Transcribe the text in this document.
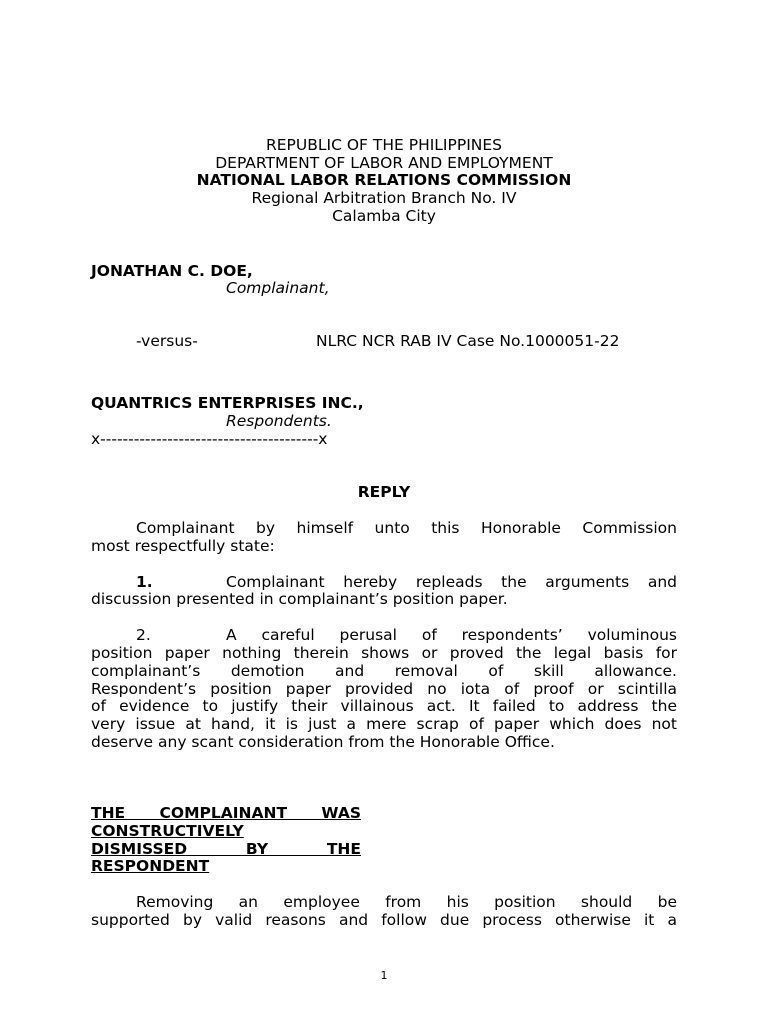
REPUBLIC OF THE PHILIPPINES
DEPARTMENT OF LABOR AND EMPLOYMENT
NATIONAL LABOR RELATIONS COMMISSION
Regional Arbitration Branch No. IV
Calamba City
JONATHAN C. DOE,
Complainant,
-versus-	NLRC NCR RAB IV Case No.1000051-22
QUANTRICS ENTERPRISES INC.,
Respondents.
x---------------------------------------x
REPLY
Complainant by himself unto this Honorable Commission
most respectfully state:
1.	Complainant hereby repleads the arguments and
discussion presented in complainant’s position paper.
2.	A careful perusal of respondents’ voluminous
position paper nothing therein shows or proved the legal basis for
complainant’s demotion and removal of skill allowance.
Respondent’s position paper provided no iota of proof or scintilla
of evidence to justify their villainous act. It failed to address the
very issue at hand, it is just a mere scrap of paper which does not
deserve any scant consideration from the Honorable Office.
THE COMPLAINANT WAS
CONSTRUCTIVELY
DISMISSED BY THE
RESPONDENT
Removing an employee from his position should be
supported by valid reasons and follow due process otherwise it a
1
